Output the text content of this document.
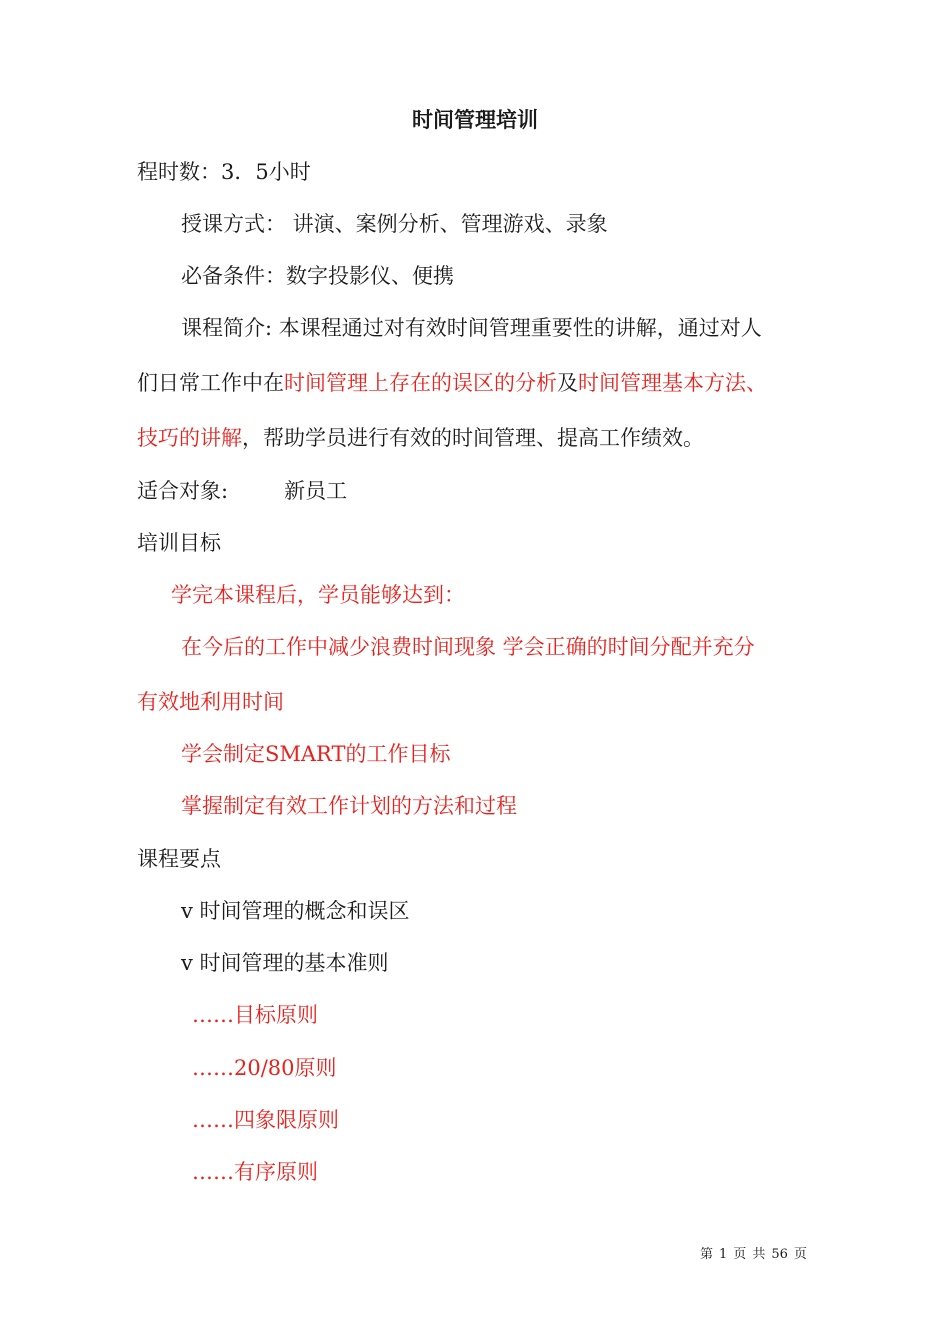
时间管理培训
程时数：3．5小时
授课方式： 讲演、案例分析、管理游戏、录象
必备条件：数字投影仪、便携
课程简介: 本课程通过对有效时间管理重要性的讲解，通过对人
们日常工作中在时间管理上存在的误区的分析及时间管理基本方法、
技巧的讲解，帮助学员进行有效的时间管理、提高工作绩效。
适合对象:	新员工
培训目标
学完本课程后，学员能够达到：
在今后的工作中减少浪费时间现象 学会正确的时间分配并充分
有效地利用时间
学会制定SMART的工作目标
掌握制定有效工作计划的方法和过程
课程要点
v 时间管理的概念和误区
v 时间管理的基本准则
……目标原则
……20/80原则
……四象限原则
……有序原则
第 1 页 共 56 页
